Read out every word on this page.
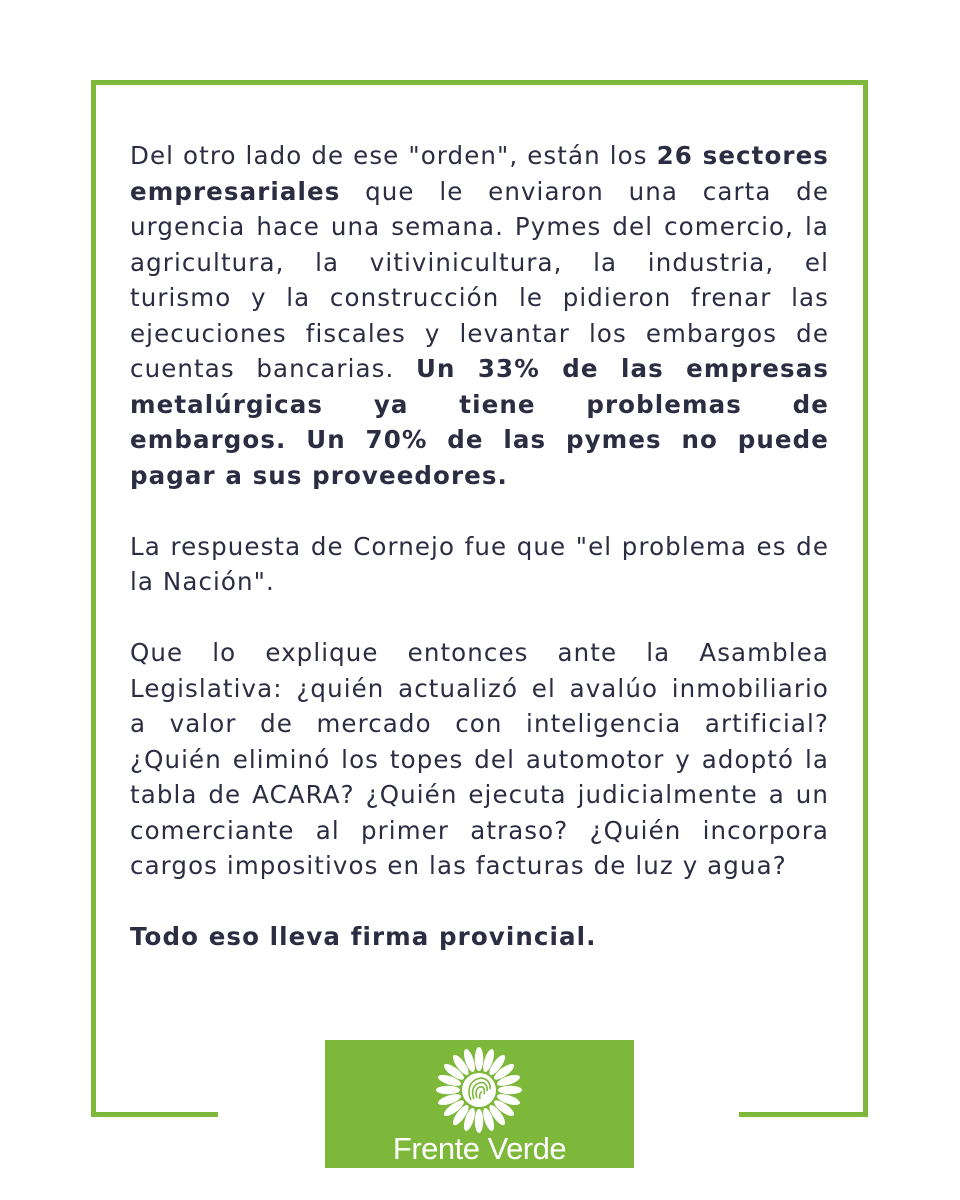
Del otro lado de ese "orden", están los 26 sectores empresariales que le enviaron una carta de urgencia hace una semana. Pymes del comercio, la agricultura, la vitivinicultura, la industria, el turismo y la construcción le pidieron frenar las ejecuciones fiscales y levantar los embargos de cuentas bancarias. Un 33% de las empresas metalúrgicas ya tiene problemas de embargos. Un 70% de las pymes no puede pagar a sus proveedores.

La respuesta de Cornejo fue que "el problema es de la Nación".

Que lo explique entonces ante la Asamblea Legislativa: ¿quién actualizó el avalúo inmobiliario a valor de mercado con inteligencia artificial? ¿Quién eliminó los topes del automotor y adoptó la tabla de ACARA? ¿Quién ejecuta judicialmente a un comerciante al primer atraso? ¿Quién incorpora cargos impositivos en las facturas de luz y agua?

Todo eso lleva firma provincial.

Frente Verde
